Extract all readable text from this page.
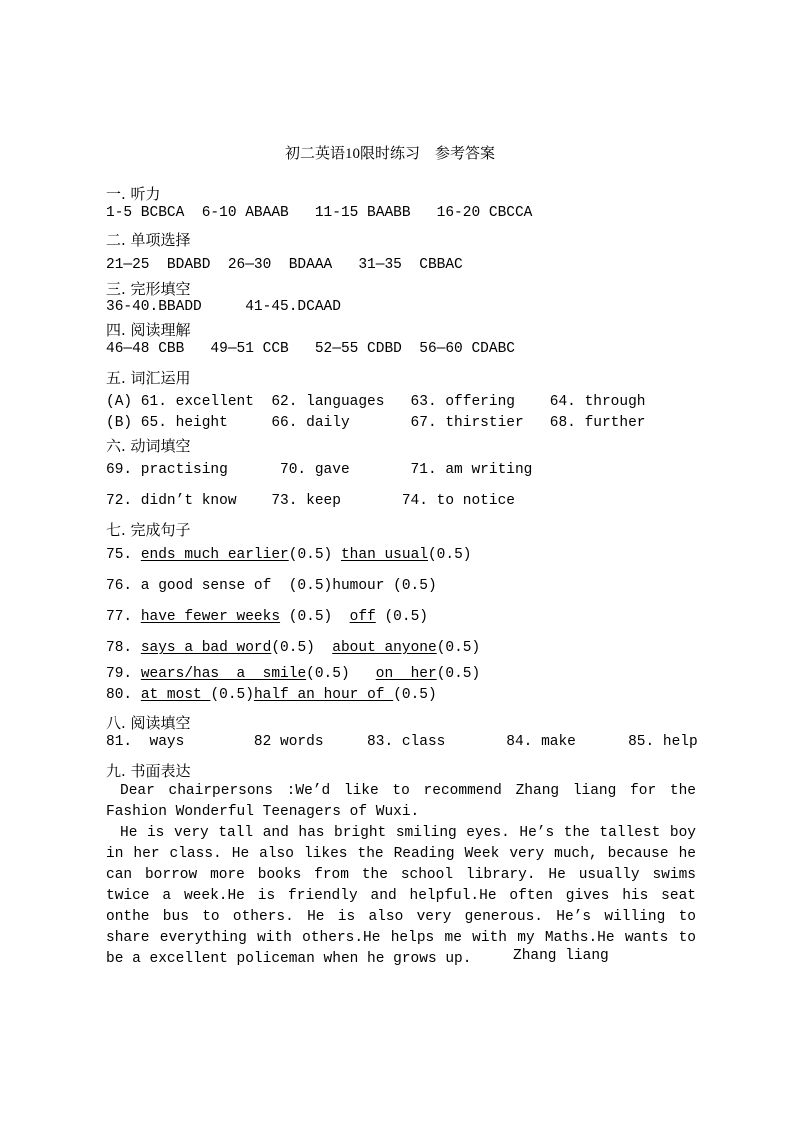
初二英语10限时练习    参考答案
一. 听力
1-5 BCBCA  6-10 ABAAB   11-15 BAABB   16-20 CBCCA
二. 单项选择
21—25  BDABD  26—30  BDAAA   31—35  CBBAC
三. 完形填空
36-40.BBADD     41-45.DCAAD
四. 阅读理解
46—48 CBB   49—51 CCB   52—55 CDBD  56—60 CDABC
五. 词汇运用
(A) 61. excellent  62. languages   63. offering    64. through
(B) 65. height     66. daily       67. thirstier   68. further
六. 动词填空
69. practising      70. gave       71. am writing
72. didn’t know    73. keep       74. to notice
七. 完成句子
75. ends much earlier(0.5) than usual(0.5)
76. a good sense of  (0.5)humour (0.5)
77. have fewer weeks (0.5)  off (0.5)
78. says a bad word(0.5)  about anyone(0.5)
79. wears/has  a  smile(0.5)   on  her(0.5)
80. at most (0.5)half an hour of (0.5)
八. 阅读填空
81.  ways        82 words     83. class       84. make      85. help
九. 书面表达

Dear chairpersons :We’d like to recommend Zhang liang for the Fashion Wonderful Teenagers of Wuxi.

He is very tall and has bright smiling eyes. He’s the tallest boy in her class. He also likes the Reading Week very much, because he can borrow more books from the school library. He usually swims twice a week.He is friendly and helpful.He often gives his seat onthe bus to others. He is also very generous. He’s willing to share everything with others.He helps me with my Maths.He wants to be a excellent policeman when he grows up.	Zhang liang
